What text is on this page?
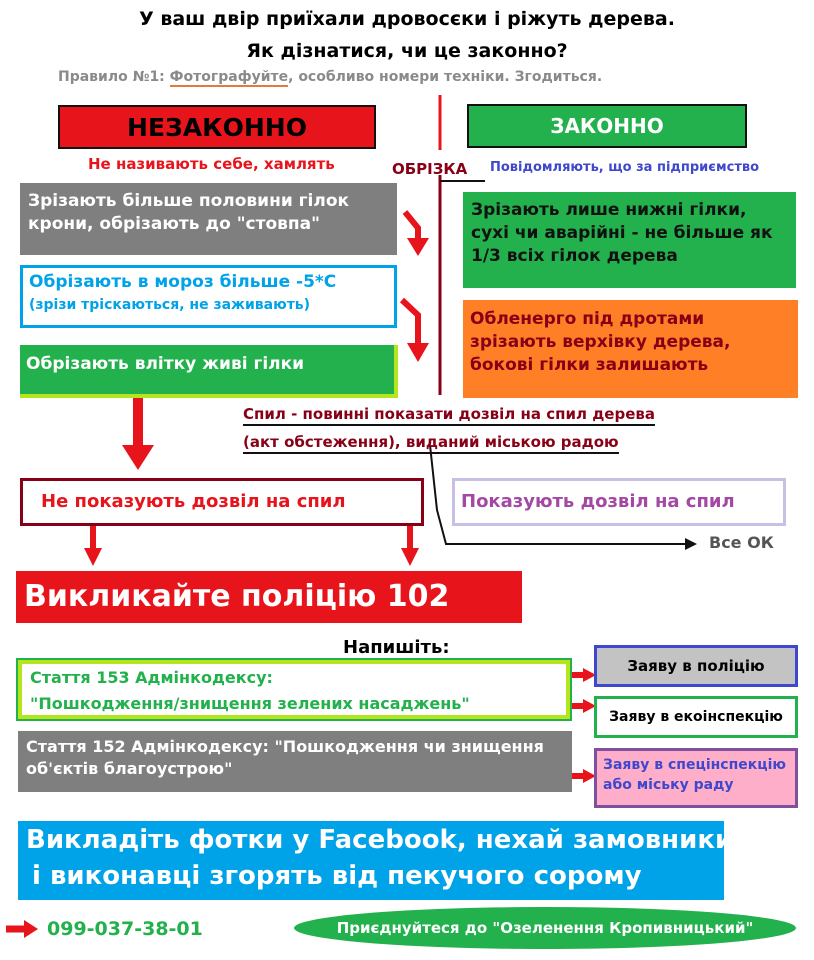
У ваш двір приїхали дровосєки і ріжуть дерева.
Як дізнатися, чи це законно?
Правило №1: Фотографуйте, особливо номери техніки. Згодиться.
НЕЗАКОННО	ЗАКОННО
Не називають себе, хамлять	ОБРІЗКА Повідомляють, що за підприємство
Зрізають більше половини гілок крони, обрізають до "стовпа"
Обрізають в мороз більше -5*С
(зрізи тріскаються, не заживають)
Обрізають влітку живі гілки
Зрізають лише нижні гілки, сухі чи аварійні - не більше як 1/3 всіх гілок дерева
Обленерго під дротами зрізають верхівку дерева, бокові гілки залишають
Спил - повинні показати дозвіл на спил дерева
(акт обстеження), виданий міською радою
Не показують дозвіл на спил	Показують дозвіл на спил
Все ОК
Викликайте поліцію 102
Напишіть:
Стаття 153 Адмінкодексу:
"Пошкодження/знищення зелених насаджень"
Стаття 152 Адмінкодексу: "Пошкодження чи знищення об'єктів благоустрою"
Заяву в поліцію
Заяву в екоінспекцію
Заяву в спецінспекцію
або міську раду
Викладіть фотки у Facebook, нехай замовники
і виконавці згорять від пекучого сорому
099-037-38-01	Приєднуйтеся до "Озеленення Кропивницький"
